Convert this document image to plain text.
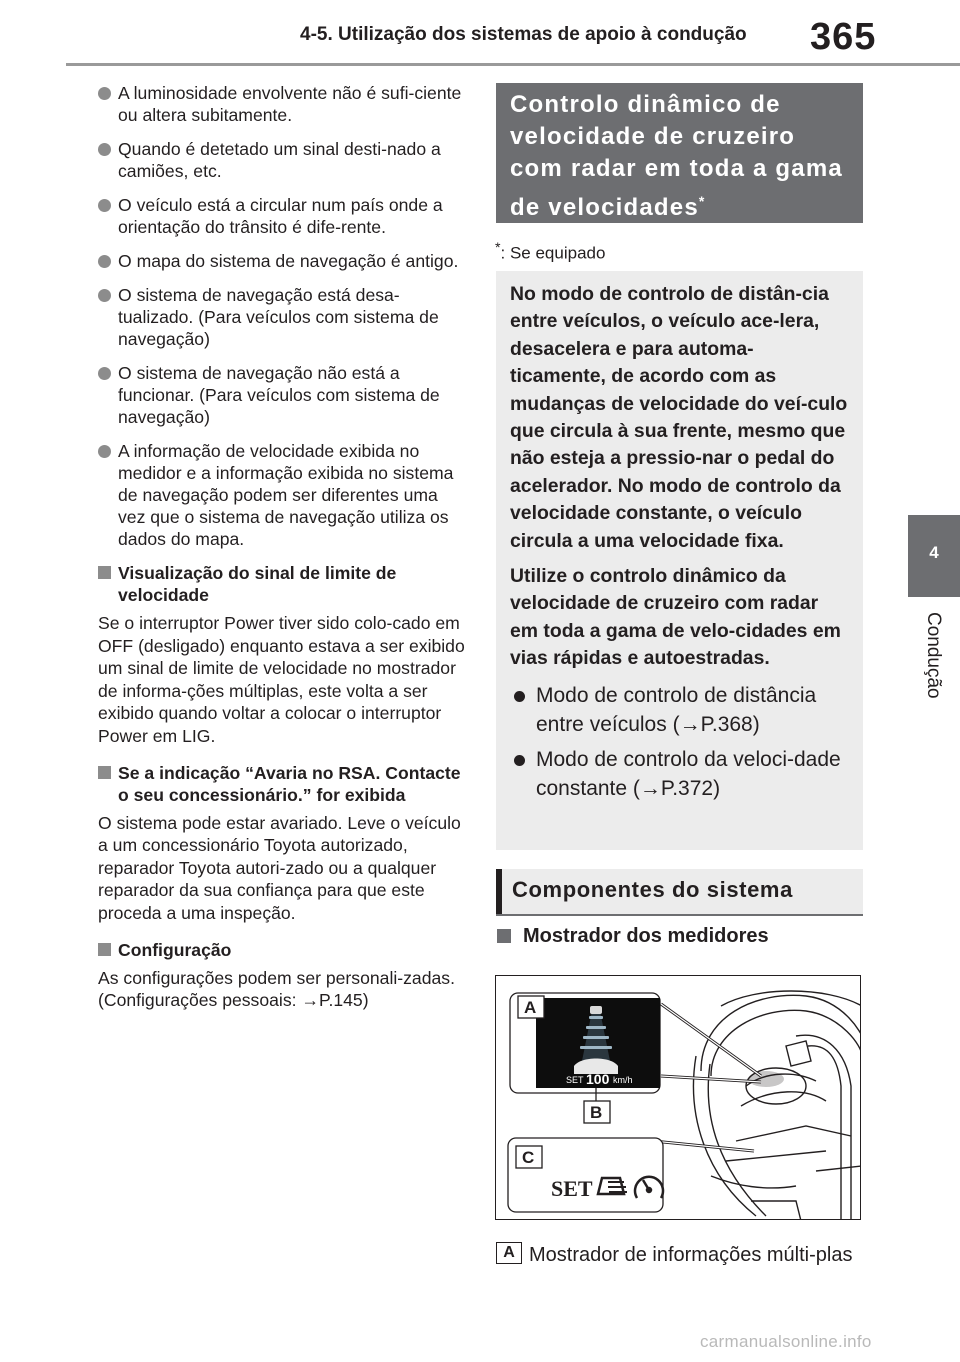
4-5. Utilização dos sistemas de apoio à condução 365
4
Condução
A luminosidade envolvente não é sufi-ciente ou altera subitamente.
Quando é detetado um sinal desti-nado a camiões, etc.
O veículo está a circular num país onde a orientação do trânsito é dife-rente.
O mapa do sistema de navegação é antigo.
O sistema de navegação está desa-tualizado. (Para veículos com sistema de navegação)
O sistema de navegação não está a funcionar. (Para veículos com sistema de navegação)
A informação de velocidade exibida no medidor e a informação exibida no sistema de navegação podem ser diferentes uma vez que o sistema de navegação utiliza os dados do mapa.
Visualização do sinal de limite de velocidade
Se o interruptor Power tiver sido colo-cado em OFF (desligado) enquanto estava a ser exibido um sinal de limite de velocidade no mostrador de informa-ções múltiplas, este volta a ser exibido quando voltar a colocar o interruptor Power em LIG.
Se a indicação “Avaria no RSA. Contacte o seu concessionário.” for exibida
O sistema pode estar avariado. Leve o veículo a um concessionário Toyota autorizado, reparador Toyota autori-zado ou a qualquer reparador da sua confiança para que este proceda a uma inspeção.
Configuração
As configurações podem ser personali-zadas.
(Configurações pessoais: →P.145)
Controlo dinâmico de velocidade de cruzeiro com radar em toda a gama de velocidades*
*: Se equipado

No modo de controlo de distân-cia entre veículos, o veículo ace-lera, desacelera e para automa-ticamente, de acordo com as mudanças de velocidade do veí-culo que circula à sua frente, mesmo que não esteja a pressio-nar o pedal do acelerador. No modo de controlo da velocidade constante, o veículo circula a uma velocidade fixa.

Utilize o controlo dinâmico da velocidade de cruzeiro com radar em toda a gama de velo-cidades em vias rápidas e autoestradas.

Modo de controlo de distância entre veículos (→P.368)
Modo de controlo da veloci-dade constante (→P.372)
Componentes do sistema
Mostrador dos medidores
SET 100 km/h
A
B
C
SET
A Mostrador de informações múlti-plas
carmanualsonline.info
